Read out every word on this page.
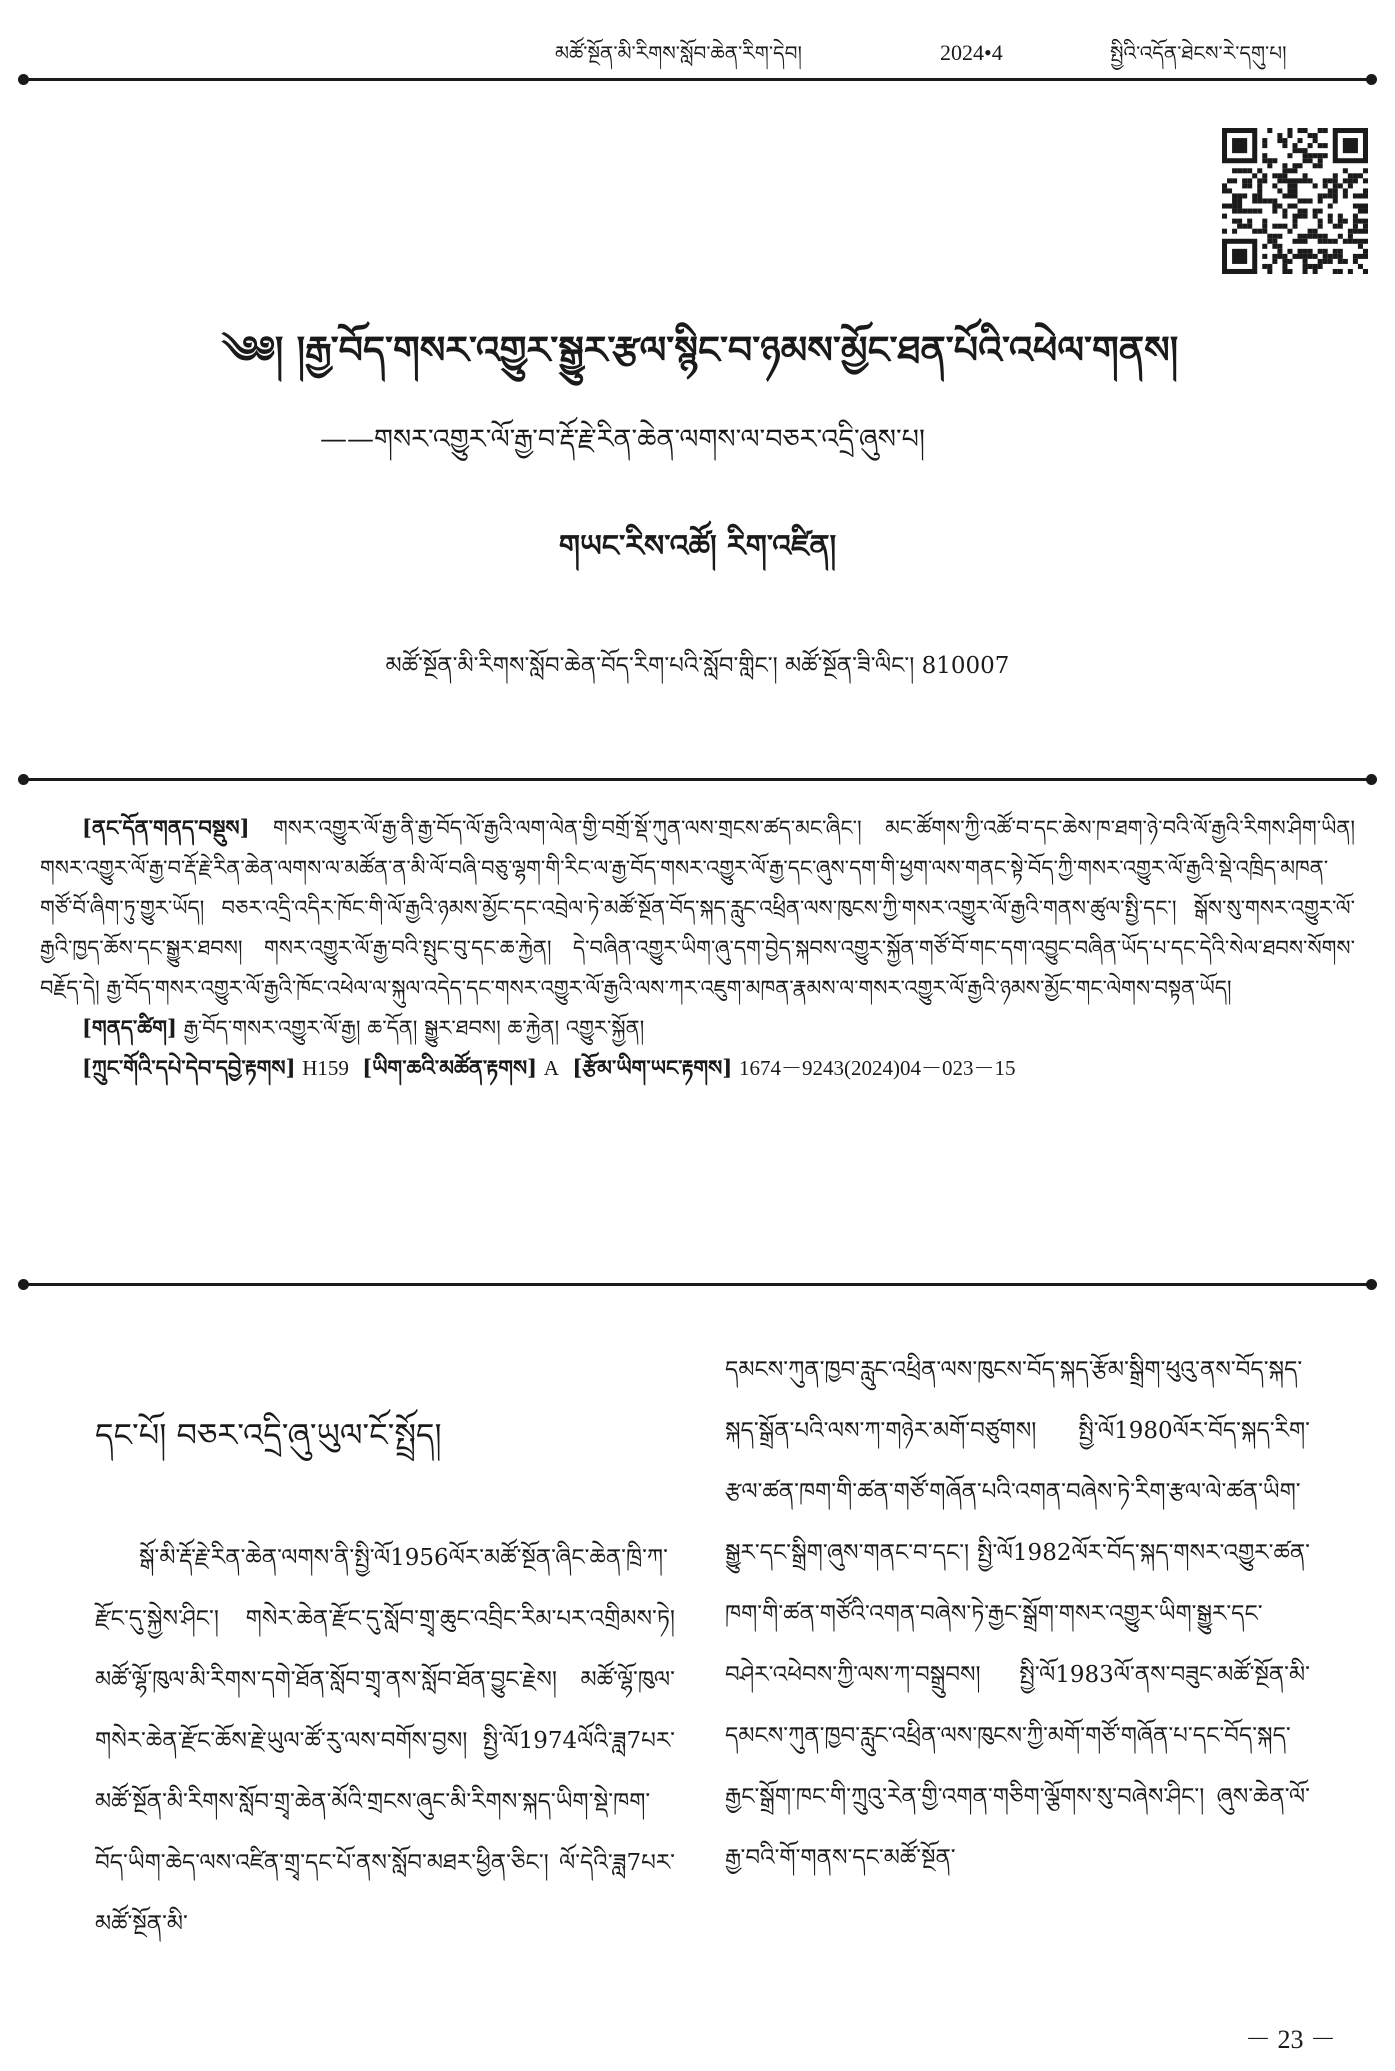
མཚོ་སྔོན་མི་རིགས་སློབ་ཆེན་རིག་དེབ།	2024•4	སྤྱིའི་འདོན་ཐེངས་རེ་དགུ་པ།
༄༅། །རྒྱ་བོད་གསར་འགྱུར་སྒྱུར་རྩལ་སྙིང་བ་ཉམས་མྱོང་ཐན་པོའི་འཕེལ་གནས།
——གསར་འགྱུར་ལོ་རྒྱ་བ་རྡོ་རྗེ་རིན་ཆེན་ལགས་ལ་བཅར་འདྲི་ཞུས་པ།
གཡང་རིས་འཚོ། རིག་འཛིན།
མཚོ་སྔོན་མི་རིགས་སློབ་ཆེན་བོད་རིག་པའི་སློབ་གླིང་། མཚོ་སྔོན་ཟི་ལིང་། 810007

[ནང་དོན་གནད་བསྡུས] གསར་འགྱུར་ལོ་རྒྱ་ནི་རྒྱ་བོད་ལོ་རྒྱའི་ལག་ལེན་གྱི་བགྲོ་སྡོ་ཀུན་ལས་གྲངས་ཚད་མང་ཞིང་། མང་ཚོགས་ཀྱི་འཚོ་བ་དང་ཆེས་ཁ་ཐག་ཉེ་བའི་ལོ་རྒྱའི་རིགས་ཤིག་ཡིན། གསར་འགྱུར་ལོ་རྒྱ་བ་རྡོ་རྗེ་རིན་ཆེན་ལགས་ལ་མཚོན་ན་མི་ལོ་བཞི་བཅུ་ལྷག་གི་རིང་ལ་རྒྱ་བོད་གསར་འགྱུར་ལོ་རྒྱ་དང་ཞུས་དག་གི་ཕྱག་ལས་གནང་སྟེ་བོད་ཀྱི་གསར་འགྱུར་ལོ་རྒྱའི་སྡེ་འཁྲིད་མཁན་གཙོ་བོ་ཞིག་ཏུ་གྱུར་ཡོད། བཅར་འདྲི་འདིར་ཁོང་གི་ལོ་རྒྱའི་ཉམས་མྱོང་དང་འབྲེལ་ཏེ་མཚོ་སྔོན་བོད་སྐད་རླུང་འཕྲིན་ལས་ཁུངས་ཀྱི་གསར་འགྱུར་ལོ་རྒྱའི་གནས་ཚུལ་སྤྱི་དང་། སྒོས་སུ་གསར་འགྱུར་ལོ་རྒྱའི་ཁྱད་ཆོས་དང་སྒྱུར་ཐབས། གསར་འགྱུར་ལོ་རྒྱ་བའི་སྤུང་བུ་དང་ཆ་རྐྱེན། དེ་བཞིན་འགྱུར་ཡིག་ཞུ་དག་བྱེད་སྐབས་འགྱུར་སྐྱོན་གཙོ་བོ་གང་དག་འབྱུང་བཞིན་ཡོད་པ་དང་དེའི་སེལ་ཐབས་སོགས་བརྗོད་དེ། རྒྱ་བོད་གསར་འགྱུར་ལོ་རྒྱའི་ཁོང་འཕེལ་ལ་སྐུལ་འདེད་དང་གསར་འགྱུར་ལོ་རྒྱའི་ལས་ཀར་འཇུག་མཁན་རྣམས་ལ་གསར་འགྱུར་ལོ་རྒྱའི་ཉམས་མྱོང་གང་ལེགས་བསྟན་ཡོད།

[གནད་ཚིག] རྒྱ་བོད་གསར་འགྱུར་ལོ་རྒྱ། ཆ་དོན། སྒྱུར་ཐབས། ཆ་རྐྱེན། འགྱུར་སྐྱོན།

[ཀྲུང་གོའི་དཔེ་དེབ་དབྱེ་རྟགས] H159 [ཡིག་ཆའི་མཚོན་རྟགས] A [རྩོམ་ཡིག་ཡང་རྟགས] 1674－9243(2024)04－023－15

དང་པོ། བཅར་འདྲི་ཞུ་ཡུལ་ངོ་སྤྲོད།

སྒོ་མི་རྡོ་རྗེ་རིན་ཆེན་ལགས་ནི་སྤྱི་ལོ1956ལོར་མཚོ་སྔོན་ཞིང་ཆེན་ཁྲི་ཀ་རྫོང་དུ་སྐྱེས་ཤིང་། གསེར་ཆེན་རྫོང་དུ་སློབ་གྲྭ་ཆུང་འབྲིང་རིམ་པར་འགྲིམས་ཏེ། མཚོ་ལྷོ་ཁུལ་མི་རིགས་དགེ་ཐོན་སློབ་གྲྭ་ནས་སློབ་ཐོན་བྱུང་རྗེས། མཚོ་ལྷོ་ཁུལ་གསེར་ཆེན་རྫོང་ཆོས་རྗེ་ཡུལ་ཚོ་རུ་ལས་བགོས་བྱས། སྤྱི་ལོ1974ལོའི་ཟླ7པར་མཚོ་སྔོན་མི་རིགས་སློབ་གྲྭ་ཆེན་མོའི་གྲངས་ཞུང་མི་རིགས་སྐད་ཡིག་སྡེ་ཁག་བོད་ཡིག་ཆེད་ལས་འཛིན་གྲྭ་དང་པོ་ནས་སློབ་མཐར་ཕྱིན་ཅིང་། ལོ་དེའི་ཟླ7པར་མཚོ་སྔོན་མི་

དམངས་ཀུན་ཁྱབ་རླུང་འཕྲིན་ལས་ཁུངས་བོད་སྐད་རྩོམ་སྒྲིག་ཕུའུ་ནས་བོད་སྐད་སྐད་སྒྲོན་པའི་ལས་ཀ་གཉེར་མགོ་བཙུགས། སྤྱི་ལོ1980ལོར་བོད་སྐད་རིག་རྩལ་ཚན་ཁག་གི་ཚན་གཙོ་གཞོན་པའི་འགན་བཞེས་ཏེ་རིག་རྩལ་ལེ་ཚན་ཡིག་སྒྱུར་དང་སྒྲིག་ཞུས་གནང་བ་དང་། སྤྱི་ལོ1982ལོར་བོད་སྐད་གསར་འགྱུར་ཚན་ཁག་གི་ཚན་གཙོའི་འགན་བཞེས་ཏེ་རྒྱང་སྒྲོག་གསར་འགྱུར་ཡིག་སྒྱུར་དང་བཤེར་འཕེབས་ཀྱི་ལས་ཀ་བསྒྲུབས། སྤྱི་ལོ1983ལོ་ནས་བཟུང་མཚོ་སྔོན་མི་དམངས་ཀུན་ཁྱབ་རླུང་འཕྲིན་ལས་ཁུངས་ཀྱི་མགོ་གཙོ་གཞོན་པ་དང་བོད་སྐད་རྒྱང་སྒྲོག་ཁང་གི་ཀྲུའུ་རེན་གྱི་འགན་གཅིག་ལྕོགས་སུ་བཞེས་ཤིང་། ཞུས་ཆེན་ལོ་རྒྱ་བའི་གོ་གནས་དང་མཚོ་སྔོན་

－ 23 －
